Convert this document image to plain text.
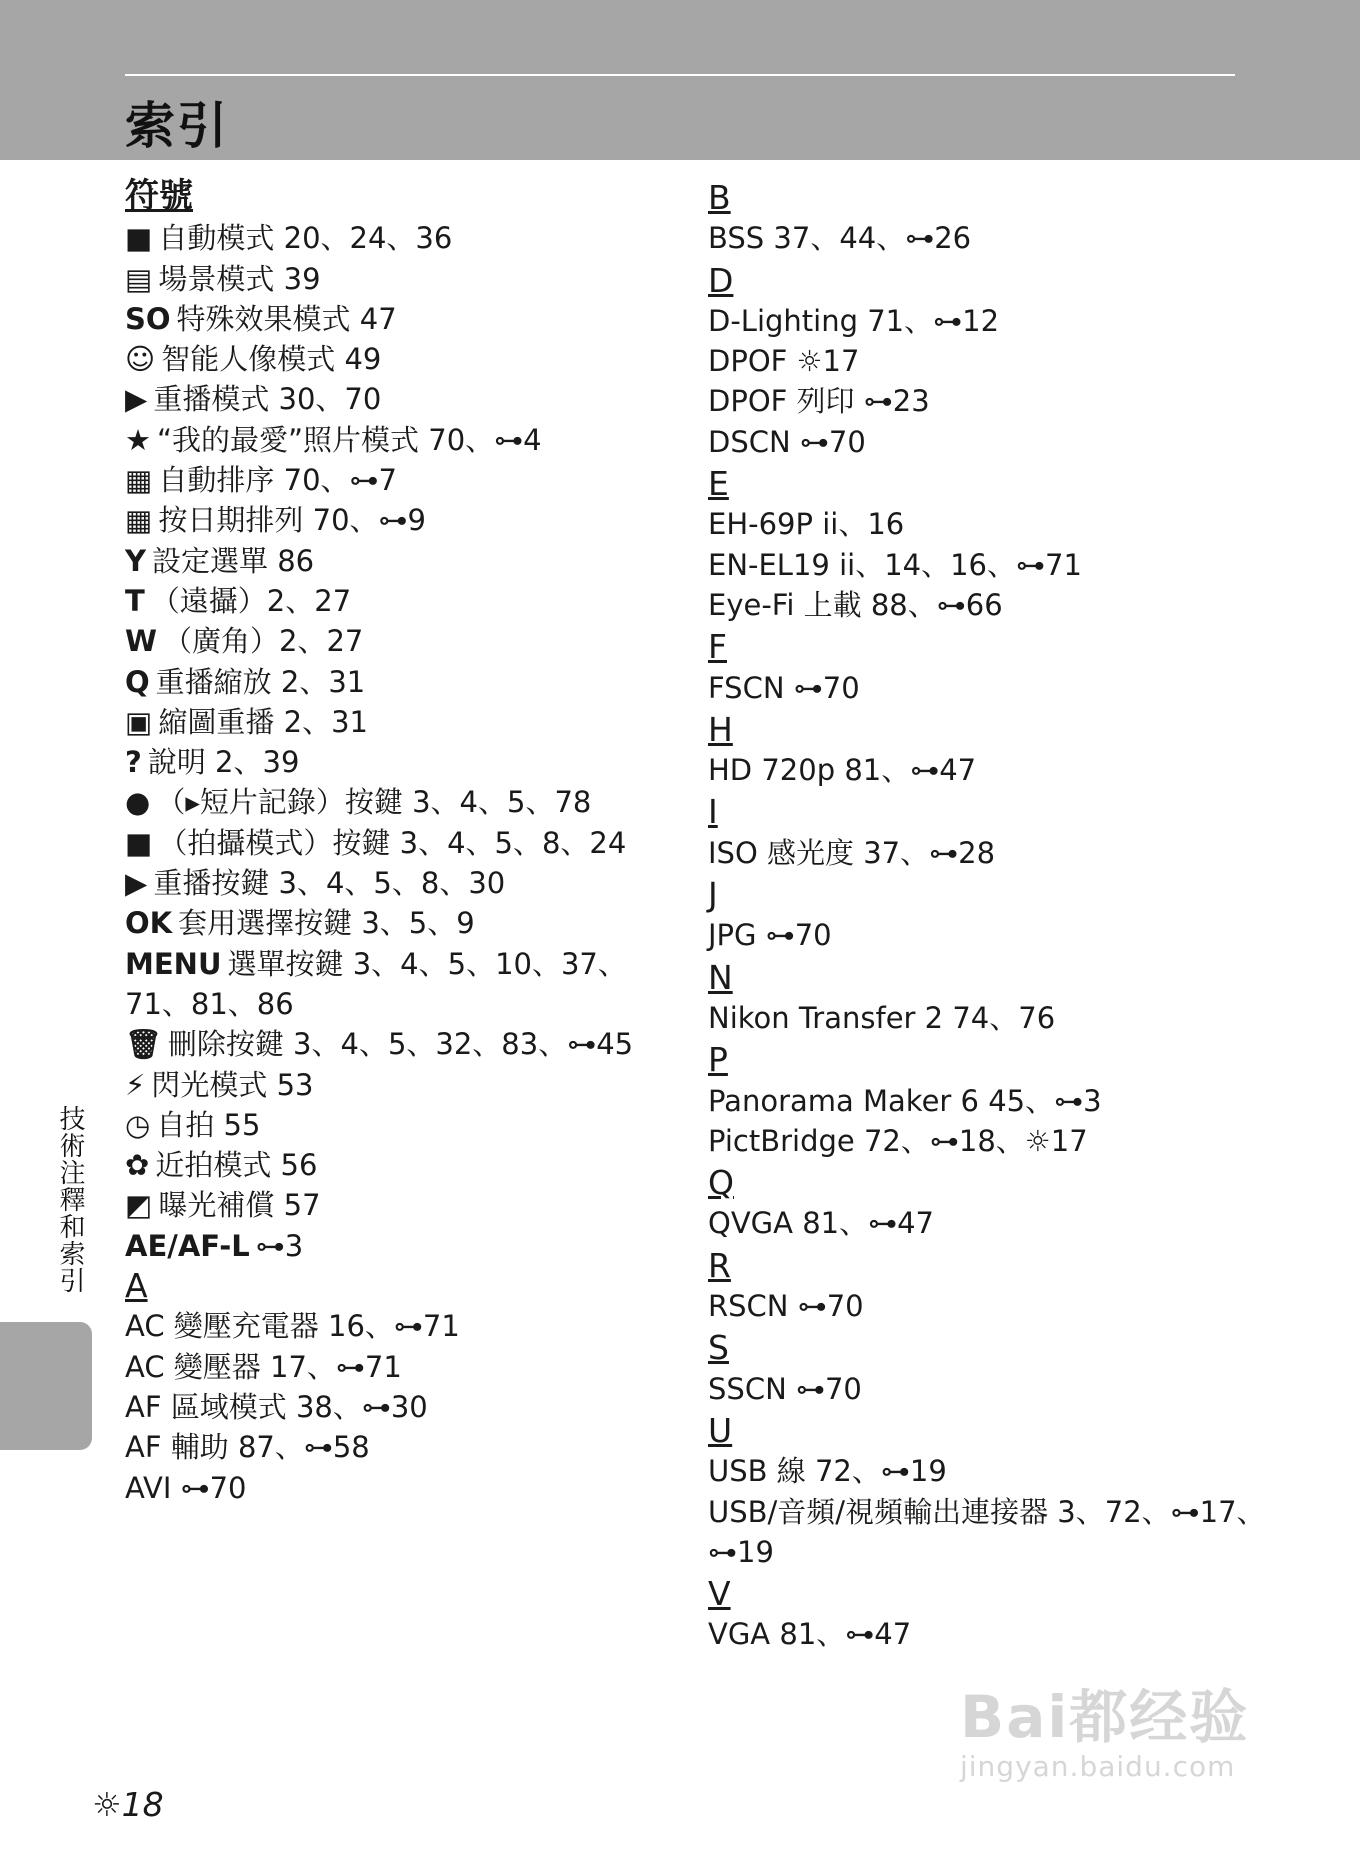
索引
符號
■ 自動模式 20、24、36
▤ 場景模式 39
SO 特殊效果模式 47
☺ 智能人像模式 49
▶ 重播模式 30、70
★ “我的最愛”照片模式 70、⊶4
▦ 自動排序 70、⊶7
▦ 按日期排列 70、⊶9
Y 設定選單 86
T （遠攝）2、27
W （廣角）2、27
Q 重播縮放 2、31
▣ 縮圖重播 2、31
? 說明 2、39
● （▸短片記錄）按鍵 3、4、5、78
■ （拍攝模式）按鍵 3、4、5、8、24
▶ 重播按鍵 3、4、5、8、30
OK 套用選擇按鍵 3、5、9
MENU 選單按鍵 3、4、5、10、37、71、81、86
🗑 刪除按鍵 3、4、5、32、83、⊶45
⚡ 閃光模式 53
◷ 自拍 55
✿ 近拍模式 56
◩ 曝光補償 57
AE/AF-L ⊶3
A
AC 變壓充電器 16、⊶71
AC 變壓器 17、⊶71
AF 區域模式 38、⊶30
AF 輔助 87、⊶58
AVI ⊶70
B
BSS 37、44、⊶26
D
D-Lighting 71、⊶12
DPOF ☼17
DPOF 列印 ⊶23
DSCN ⊶70
E
EH-69P ii、16
EN-EL19 ii、14、16、⊶71
Eye-Fi 上載 88、⊶66
F
FSCN ⊶70
H
HD 720p 81、⊶47
I
ISO 感光度 37、⊶28
J
JPG ⊶70
N
Nikon Transfer 2 74、76
P
Panorama Maker 6 45、⊶3
PictBridge 72、⊶18、☼17
Q
QVGA 81、⊶47
R
RSCN ⊶70
S
SSCN ⊶70
U
USB 線 72、⊶19
USB/音頻/視頻輸出連接器 3、72、⊶17、⊶19
V
VGA 81、⊶47
技術注釋和索引
☼18
Bai都经验
jingyan.baidu.com
